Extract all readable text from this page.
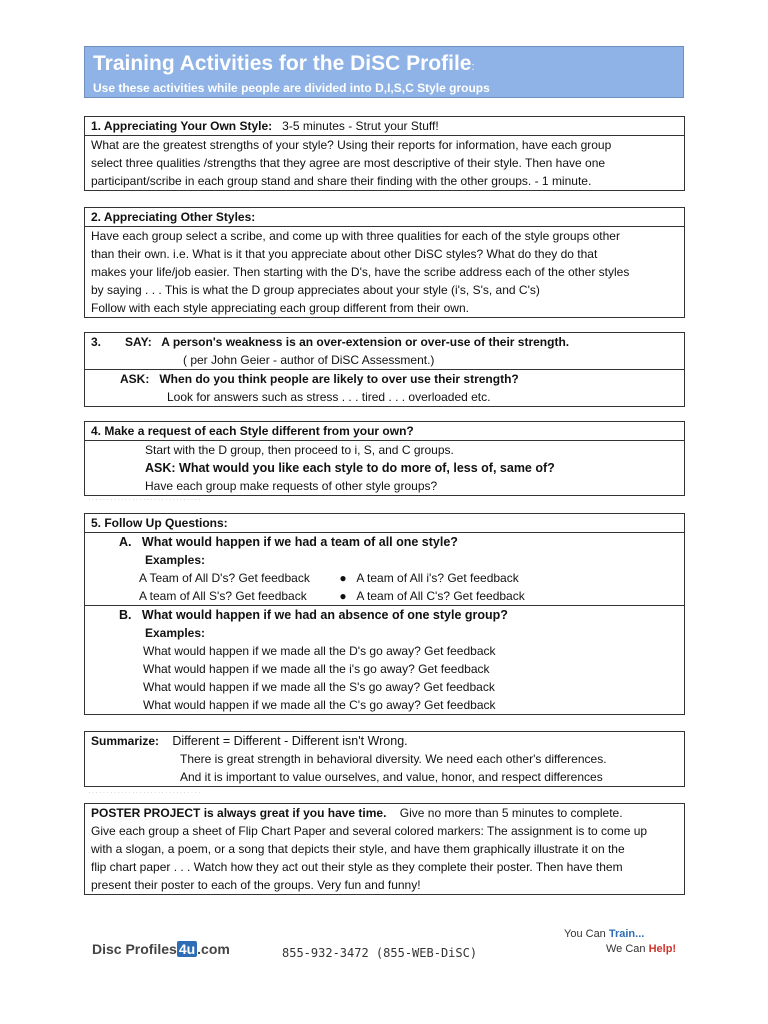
Training Activities for the DiSC Profile:
Use these activities while people are divided into D,I,S,C Style groups
1. Appreciating Your Own Style: 3-5 minutes - Strut your Stuff!
What are the greatest strengths of your style? Using their reports for information, have each group
select three qualities /strengths that they agree are most descriptive of their style. Then have one
participant/scribe in each group stand and share their finding with the other groups. - 1 minute.
2. Appreciating Other Styles:
Have each group select a scribe, and come up with three qualities for each of the style groups other
than their own. i.e. What is it that you appreciate about other DiSC styles? What do they do that
makes your life/job easier. Then starting with the D's, have the scribe address each of the other styles
by saying . . . This is what the D group appreciates about your style (i's, S's, and C's)
Follow with each style appreciating each group different from their own.
3. SAY: A person's weakness is an over-extension or over-use of their strength.
( per John Geier - author of DiSC Assessment.)
ASK: When do you think people are likely to over use their strength?
Look for answers such as stress . . . tired . . . overloaded etc.
4. Make a request of each Style different from your own?
Start with the D group, then proceed to i, S, and C groups.
ASK: What would you like each style to do more of, less of, same of?
Have each group make requests of other style groups?
·······························
5. Follow Up Questions:
A. What would happen if we had a team of all one style?
Examples:
A Team of All D's? Get feedback ● A team of All i's? Get feedback
A team of All S's? Get feedback	● A team of All C's? Get feedback
B. What would happen if we had an absence of one style group?
Examples:
What would happen if we made all the D's go away? Get feedback
What would happen if we made all the i's go away? Get feedback
What would happen if we made all the S's go away? Get feedback
What would happen if we made all the C's go away? Get feedback
Summarize: Different = Different - Different isn't Wrong.
There is great strength in behavioral diversity. We need each other's differences.
And it is important to value ourselves, and value, honor, and respect differences
·······························
POSTER PROJECT is always great if you have time. Give no more than 5 minutes to complete.
Give each group a sheet of Flip Chart Paper and several colored markers: The assignment is to come up
with a slogan, a poem, or a song that depicts their style, and have them graphically illustrate it on the
flip chart paper . . . Watch how they act out their style as they complete their poster. Then have them
present their poster to each of the groups. Very fun and funny!
Disc Profiles 4u .com	855-932-3472 (855-WEB-DiSC)
You Can Train...
We Can Help!
